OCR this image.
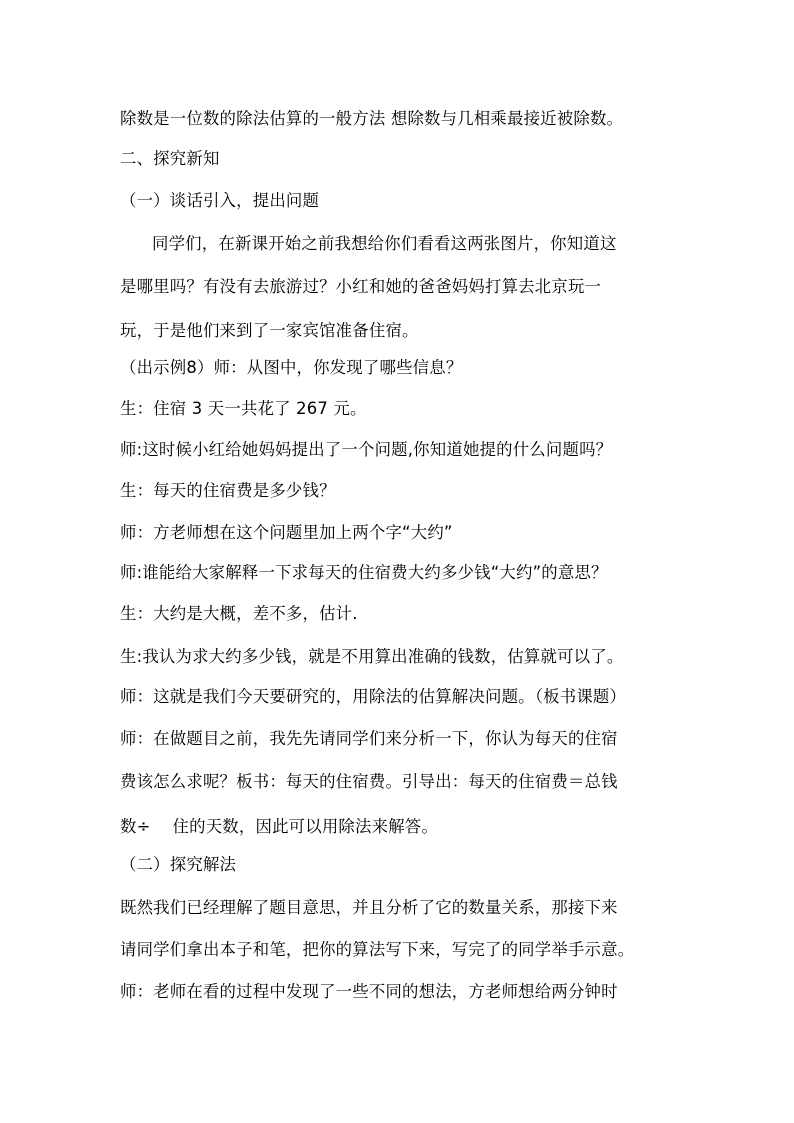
除数是一位数的除法估算的一般方法 想除数与几相乘最接近被除数。
二、探究新知
（一）谈话引入，提出问题
同学们，在新课开始之前我想给你们看看这两张图片，你知道这
是哪里吗？有没有去旅游过？小红和她的爸爸妈妈打算去北京玩一
玩，于是他们来到了一家宾馆准备住宿。
（出示例8）师：从图中，你发现了哪些信息？
生：住宿 3 天一共花了 267 元。
师:这时候小红给她妈妈提出了一个问题,你知道她提的什么问题吗？
生：每天的住宿费是多少钱？
师：方老师想在这个问题里加上两个字“大约”
师:谁能给大家解释一下求每天的住宿费大约多少钱“大约”的意思？
生：大约是大概，差不多，估计.
生:我认为求大约多少钱，就是不用算出准确的钱数，估算就可以了。
师：这就是我们今天要研究的，用除法的估算解决问题。（板书课题）
师：在做题目之前，我先先请同学们来分析一下，你认为每天的住宿
费该怎么求呢？板书：每天的住宿费。引导出：每天的住宿费＝总钱
数÷　 住的天数，因此可以用除法来解答。
（二）探究解法
既然我们已经理解了题目意思，并且分析了它的数量关系，那接下来
请同学们拿出本子和笔，把你的算法写下来，写完了的同学举手示意。
师：老师在看的过程中发现了一些不同的想法，方老师想给两分钟时
